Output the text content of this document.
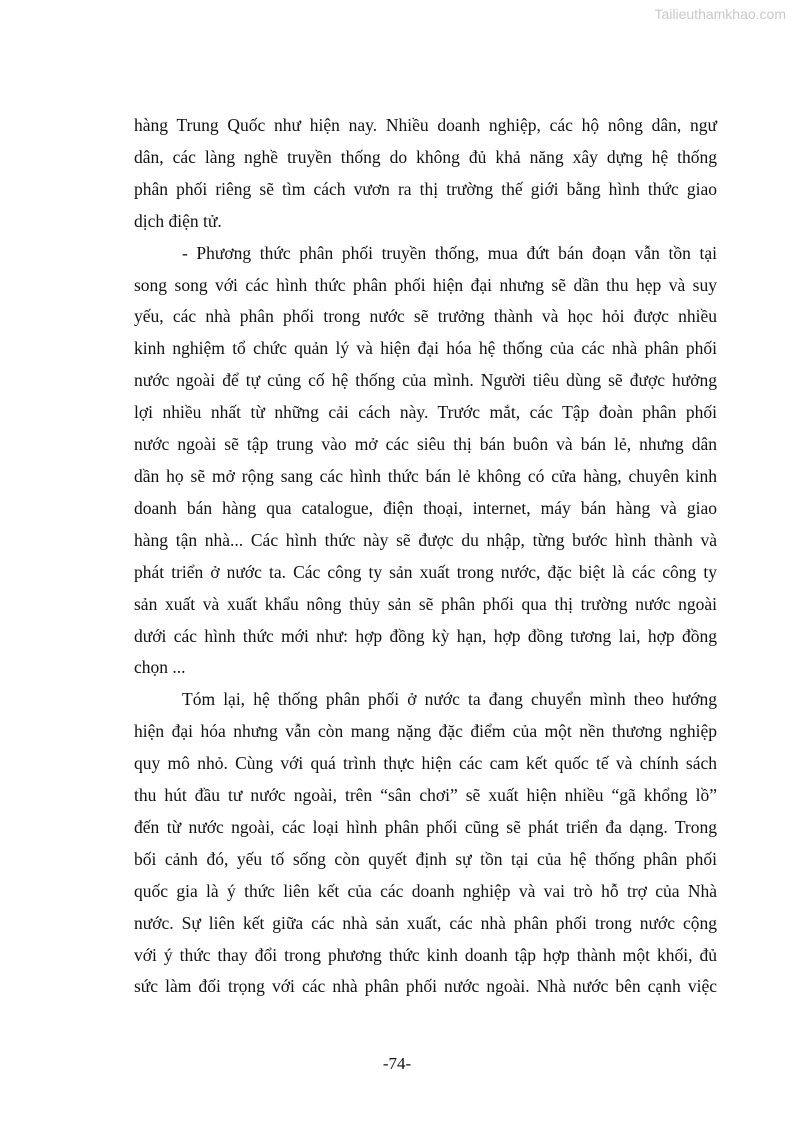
Tailieuthamkhao.com

hàng Trung Quốc như hiện nay. Nhiều doanh nghiệp, các hộ nông dân, ngư
dân, các làng nghề truyền thống do không đủ khả năng xây dựng hệ thống
phân phối riêng sẽ tìm cách vươn ra thị trường thế giới bằng hình thức giao
dịch điện tử.

- Phương thức phân phối truyền thống, mua đứt bán đoạn vẫn tồn tại
song song với các hình thức phân phối hiện đại nhưng sẽ dần thu hẹp và suy
yếu, các nhà phân phối trong nước sẽ trưởng thành và học hỏi được nhiều
kinh nghiệm tổ chức quản lý và hiện đại hóa hệ thống của các nhà phân phối
nước ngoài để tự củng cố hệ thống của mình. Người tiêu dùng sẽ được hưởng
lợi nhiều nhất từ những cải cách này. Trước mắt, các Tập đoàn phân phối
nước ngoài sẽ tập trung vào mở các siêu thị bán buôn và bán lẻ, nhưng dân
dần họ sẽ mở rộng sang các hình thức bán lẻ không có cửa hàng, chuyên kinh
doanh bán hàng qua catalogue, điện thoại, internet, máy bán hàng và giao
hàng tận nhà... Các hình thức này sẽ được du nhập, từng bước hình thành và
phát triển ở nước ta. Các công ty sản xuất trong nước, đặc biệt là các công ty
sản xuất và xuất khẩu nông thủy sản sẽ phân phối qua thị trường nước ngoài
dưới các hình thức mới như: hợp đồng kỳ hạn, hợp đồng tương lai, hợp đồng
chọn ...

Tóm lại, hệ thống phân phối ở nước ta đang chuyển mình theo hướng
hiện đại hóa nhưng vẫn còn mang nặng đặc điểm của một nền thương nghiệp
quy mô nhỏ. Cùng với quá trình thực hiện các cam kết quốc tế và chính sách
thu hút đầu tư nước ngoài, trên “sân chơi” sẽ xuất hiện nhiều “gã khổng lồ”
đến từ nước ngoài, các loại hình phân phối cũng sẽ phát triển đa dạng. Trong
bối cảnh đó, yếu tố sống còn quyết định sự tồn tại của hệ thống phân phối
quốc gia là ý thức liên kết của các doanh nghiệp và vai trò hỗ trợ của Nhà
nước. Sự liên kết giữa các nhà sản xuất, các nhà phân phối trong nước cộng
với ý thức thay đổi trong phương thức kinh doanh tập hợp thành một khối, đủ
sức làm đối trọng với các nhà phân phối nước ngoài. Nhà nước bên cạnh việc

-74-
